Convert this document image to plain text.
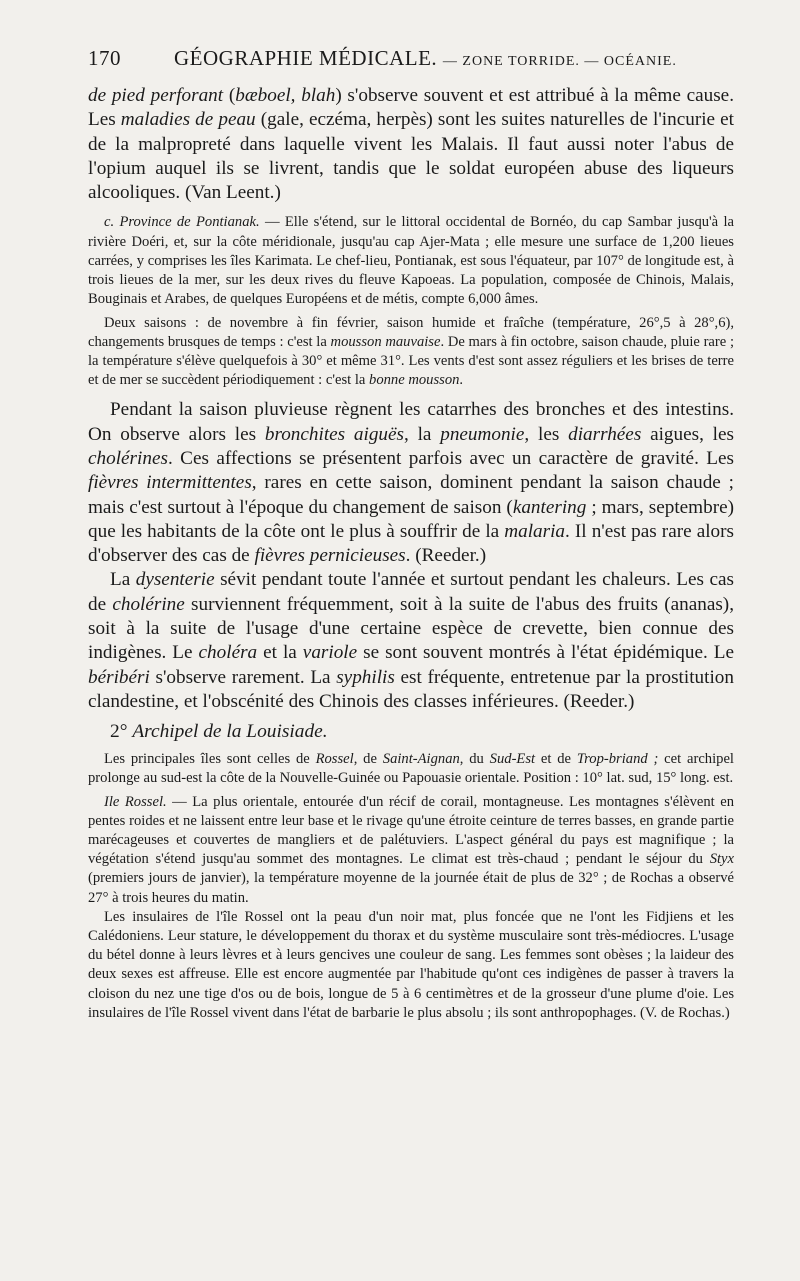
170	GÉOGRAPHIE MÉDICALE. — ZONE TORRIDE. — OCÉANIE.

de pied perforant (bæboel, blah) s'observe souvent et est attribué à la même cause. Les maladies de peau (gale, eczéma, herpès) sont les suites naturelles de l'incurie et de la malpropreté dans laquelle vivent les Malais. Il faut aussi noter l'abus de l'opium auquel ils se livrent, tandis que le soldat européen abuse des liqueurs alcooliques. (Van Leent.)

c. Province de Pontianak. — Elle s'étend, sur le littoral occidental de Bornéo, du cap Sambar jusqu'à la rivière Doéri, et, sur la côte méridionale, jusqu'au cap Ajer-Mata ; elle mesure une surface de 1,200 lieues carrées, y comprises les îles Karimata. Le chef-lieu, Pontianak, est sous l'équateur, par 107° de longitude est, à trois lieues de la mer, sur les deux rives du fleuve Kapoeas. La population, composée de Chinois, Malais, Bouginais et Arabes, de quelques Européens et de métis, compte 6,000 âmes.

Deux saisons : de novembre à fin février, saison humide et fraîche (température, 26°,5 à 28°,6), changements brusques de temps : c'est la mousson mauvaise. De mars à fin octobre, saison chaude, pluie rare ; la température s'élève quelquefois à 30° et même 31°. Les vents d'est sont assez réguliers et les brises de terre et de mer se succèdent périodiquement : c'est la bonne mousson.

Pendant la saison pluvieuse règnent les catarrhes des bronches et des intestins. On observe alors les bronchites aiguës, la pneumonie, les diarrhées aigues, les cholérines. Ces affections se présentent parfois avec un caractère de gravité. Les fièvres intermittentes, rares en cette saison, dominent pendant la saison chaude ; mais c'est surtout à l'époque du changement de saison (kantering ; mars, septembre) que les habitants de la côte ont le plus à souffrir de la malaria. Il n'est pas rare alors d'observer des cas de fièvres pernicieuses. (Reeder.)

La dysenterie sévit pendant toute l'année et surtout pendant les chaleurs. Les cas de cholérine surviennent fréquemment, soit à la suite de l'abus des fruits (ananas), soit à la suite de l'usage d'une certaine espèce de crevette, bien connue des indigènes. Le choléra et la variole se sont souvent montrés à l'état épidémique. Le béribéri s'observe rarement. La syphilis est fréquente, entretenue par la prostitution clandestine, et l'obscénité des Chinois des classes inférieures. (Reeder.)

2° Archipel de la Louisiade.

Les principales îles sont celles de Rossel, de Saint-Aignan, du Sud-Est et de Trop-briand ; cet archipel prolonge au sud-est la côte de la Nouvelle-Guinée ou Papouasie orientale. Position : 10° lat. sud, 15° long. est.

Ile Rossel. — La plus orientale, entourée d'un récif de corail, montagneuse. Les montagnes s'élèvent en pentes roides et ne laissent entre leur base et le rivage qu'une étroite ceinture de terres basses, en grande partie marécageuses et couvertes de mangliers et de palétuviers. L'aspect général du pays est magnifique ; la végétation s'étend jusqu'au sommet des montagnes. Le climat est très-chaud ; pendant le séjour du Styx (premiers jours de janvier), la température moyenne de la journée était de plus de 32° ; de Rochas a observé 27° à trois heures du matin.

Les insulaires de l'île Rossel ont la peau d'un noir mat, plus foncée que ne l'ont les Fidjiens et les Calédoniens. Leur stature, le développement du thorax et du système musculaire sont très-médiocres. L'usage du bétel donne à leurs lèvres et à leurs gencives une couleur de sang. Les femmes sont obèses ; la laideur des deux sexes est affreuse. Elle est encore augmentée par l'habitude qu'ont ces indigènes de passer à travers la cloison du nez une tige d'os ou de bois, longue de 5 à 6 centimètres et de la grosseur d'une plume d'oie. Les insulaires de l'île Rossel vivent dans l'état de barbarie le plus absolu ; ils sont anthropophages. (V. de Rochas.)
